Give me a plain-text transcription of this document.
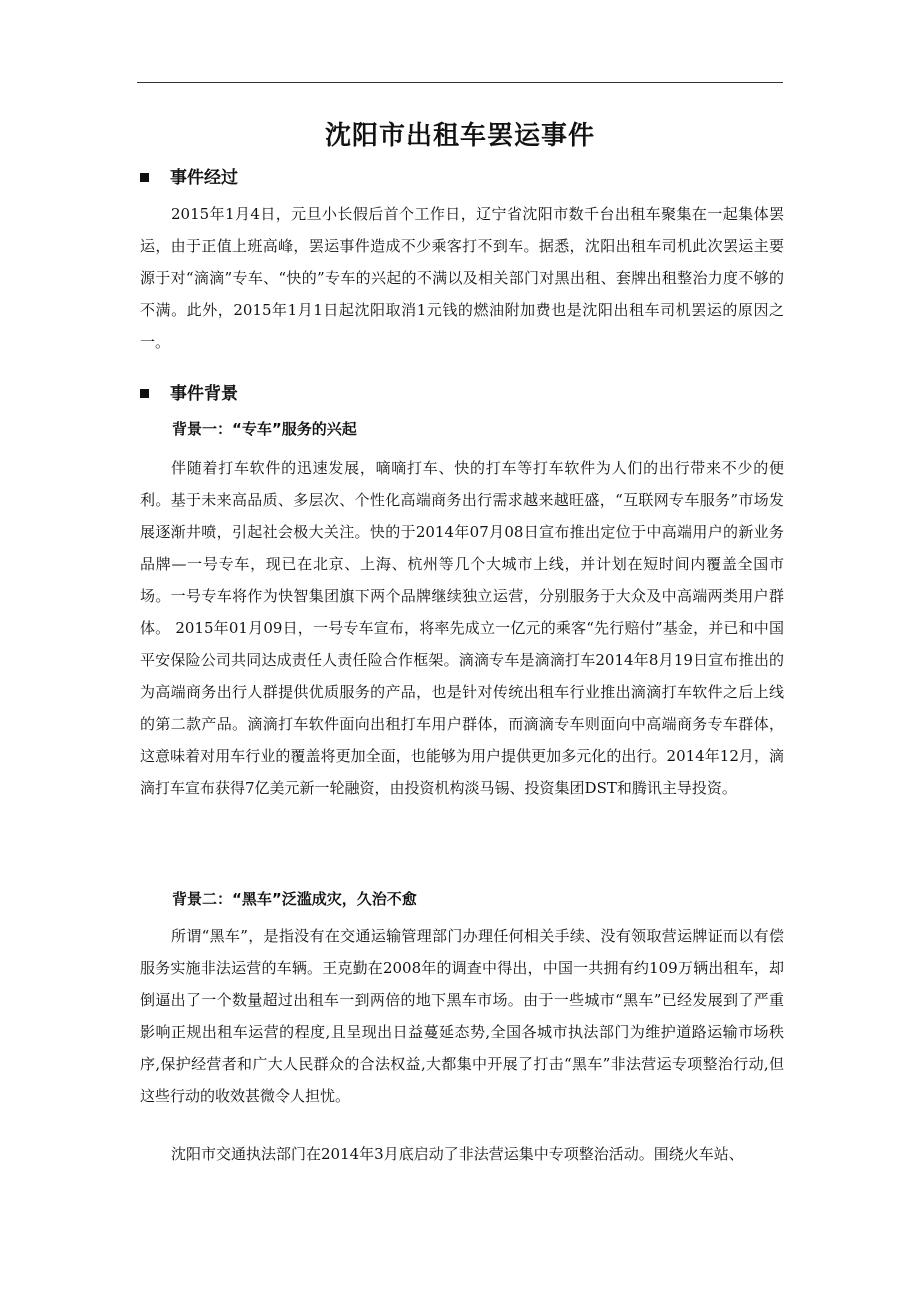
沈阳市出租车罢运事件
事件经过
2015年1月4日，元旦小长假后首个工作日，辽宁省沈阳市数千台出租车聚集在一起集体罢运，由于正值上班高峰，罢运事件造成不少乘客打不到车。据悉，沈阳出租车司机此次罢运主要源于对“滴滴”专车、“快的”专车的兴起的不满以及相关部门对黑出租、套牌出租整治力度不够的不满。此外，2015年1月1日起沈阳取消1元钱的燃油附加费也是沈阳出租车司机罢运的原因之一。
事件背景
背景一：“专车”服务的兴起
伴随着打车软件的迅速发展，嘀嘀打车、快的打车等打车软件为人们的出行带来不少的便利。基于未来高品质、多层次、个性化高端商务出行需求越来越旺盛，“互联网专车服务”市场发展逐渐井喷，引起社会极大关注。快的于2014年07月08日宣布推出定位于中高端用户的新业务品牌—一号专车，现已在北京、上海、杭州等几个大城市上线，并计划在短时间内覆盖全国市场。一号专车将作为快智集团旗下两个品牌继续独立运营，分别服务于大众及中高端两类用户群体。 2015年01月09日，一号专车宣布，将率先成立一亿元的乘客“先行赔付”基金，并已和中国平安保险公司共同达成责任人责任险合作框架。滴滴专车是滴滴打车2014年8月19日宣布推出的为高端商务出行人群提供优质服务的产品，也是针对传统出租车行业推出滴滴打车软件之后上线的第二款产品。滴滴打车软件面向出租打车用户群体，而滴滴专车则面向中高端商务专车群体，这意味着对用车行业的覆盖将更加全面，也能够为用户提供更加多元化的出行。2014年12月，滴滴打车宣布获得7亿美元新一轮融资，由投资机构淡马锡、投资集团DST和腾讯主导投资。
背景二：“黑车”泛滥成灾，久治不愈
所谓“黑车”，是指没有在交通运输管理部门办理任何相关手续、没有领取营运牌证而以有偿服务实施非法运营的车辆。王克勤在2008年的调查中得出，中国一共拥有约109万辆出租车，却倒逼出了一个数量超过出租车一到两倍的地下黑车市场。由于一些城市“黑车”已经发展到了严重影响正规出租车运营的程度,且呈现出日益蔓延态势,全国各城市执法部门为维护道路运输市场秩序,保护经营者和广大人民群众的合法权益,大都集中开展了打击“黑车”非法营运专项整治行动,但这些行动的收效甚微令人担忧。
沈阳市交通执法部门在2014年3月底启动了非法营运集中专项整治活动。围绕火车站、
